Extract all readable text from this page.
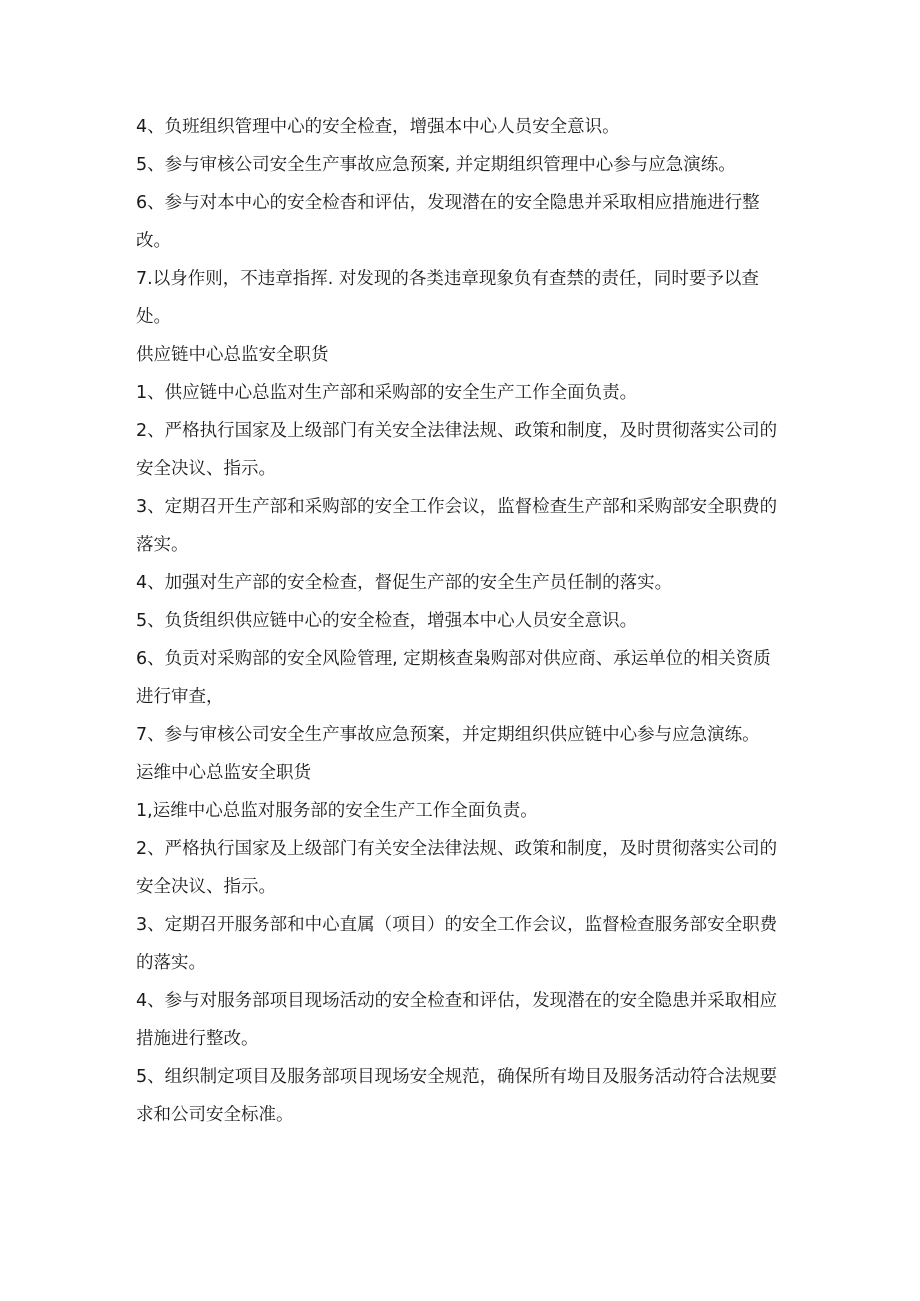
4、负班组织管理中心的安全检查，增强本中心人员安全意识。

5、参与审核公司安全生产事故应急预案, 并定期组织管理中心参与应急演练。

6、参与对本中心的安全检杳和评估，发现潜在的安全隐患并采取相应措施进行整改。

7.以身作则，不违章指挥. 对发现的各类违章现象负有查禁的责任，同时要予以查处。

供应链中心总监安全职货

1、供应链中心总监对生产部和采购部的安全生产工作全面负责。

2、严格执行国家及上级部门有关安全法律法规、政策和制度，及时贯彻落实公司的安全决议、指示。

3、定期召开生产部和采购部的安全工作会议，监督检查生产部和采购部安全职费的落实。

4、加强对生产部的安全检查，督促生产部的安全生产员任制的落实。

5、负货组织供应链中心的安全检查，增强本中心人员安全意识。

6、负贡对采购部的安全风险管理, 定期核查枭购部对供应商、承运单位的相关资质进行审查，

7、参与审核公司安全生产事故应急预案，并定期组织供应链中心参与应急演练。

运维中心总监安全职货

1,运维中心总监对服务部的安全生产工作全面负责。

2、严格执行国家及上级部门有关安全法律法规、政策和制度，及时贯彻落实公司的安全决议、指示。

3、定期召开服务部和中心直属（项目）的安全工作会议，监督检查服务部安全职费的落实。

4、参与对服务部项目现场活动的安全检查和评估，发现潜在的安全隐患并采取相应措施进行整改。

5、组织制定项目及服务部项目现场安全规范，确保所有坳目及服务活动符合法规要求和公司安全标准。
